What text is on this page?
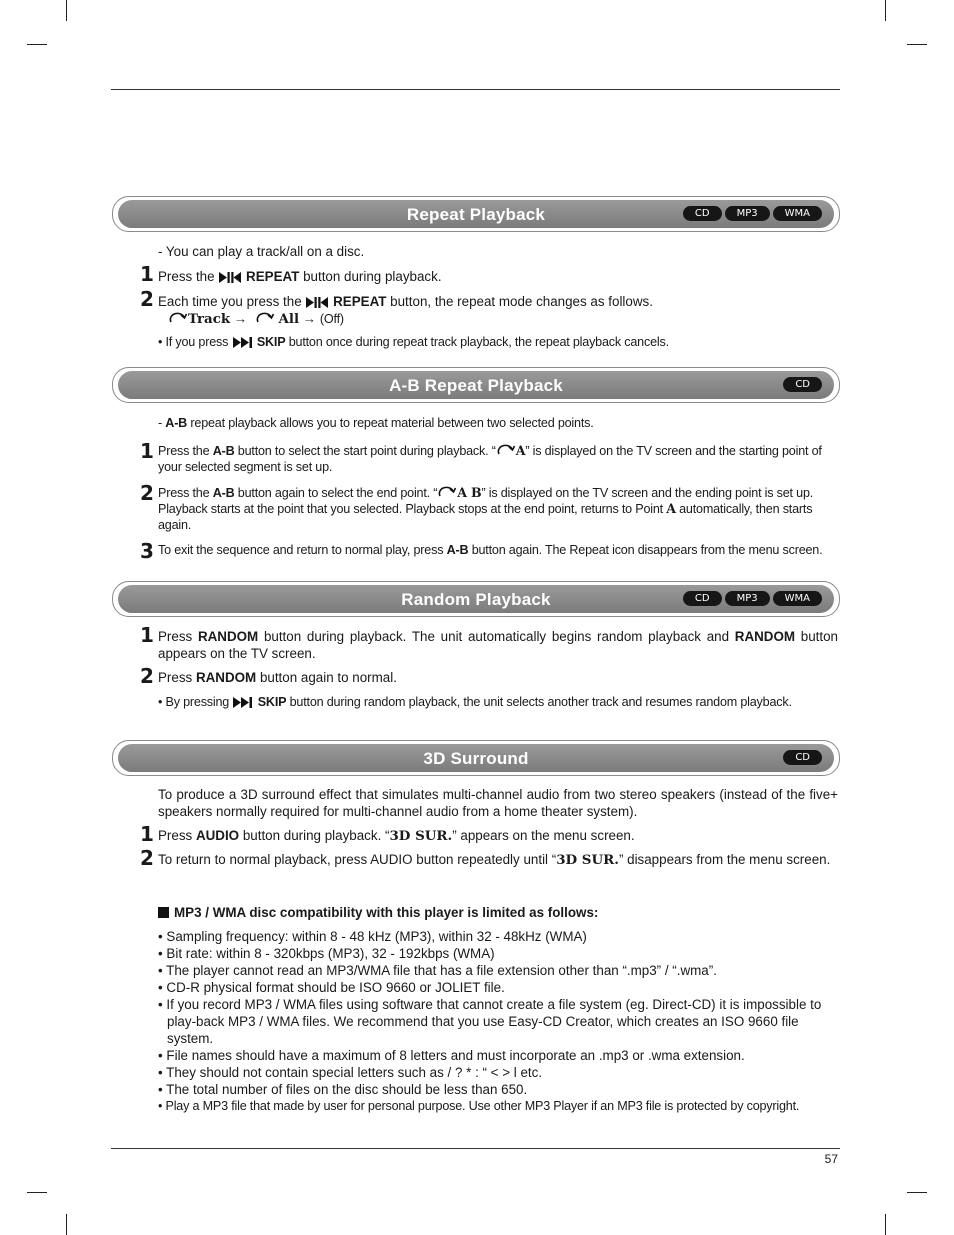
57
Repeat Playback	CD	MP3	WMA
- You can play a track/all on a disc.
1 Press the  REPEAT button during playback.
2 Each time you press the  REPEAT button, the repeat mode changes as follows.
Track → All → (Off)
• If you press  SKIP button once during repeat track playback, the repeat playback cancels.
A-B Repeat Playback	CD
- A-B repeat playback allows you to repeat material between two selected points.
1 Press the A-B button to select the start point during playback. “ A” is displayed on the TV screen and the starting point of your selected segment is set up.
2 Press the A-B button again to select the end point. “ A B” is displayed on the TV screen and the ending point is set up. Playback starts at the point that you selected. Playback stops at the end point, returns to Point A automatically, then starts again.
3 To exit the sequence and return to normal play, press A-B button again. The Repeat icon disappears from the menu screen.
Random Playback	CD	MP3	WMA
1 Press RANDOM button during playback. The unit automatically begins random playback and RANDOM button appears on the TV screen.
2 Press RANDOM button again to normal.
• By pressing  SKIP button during random playback, the unit selects another track and resumes random playback.
3D Surround	CD
To produce a 3D surround effect that simulates multi-channel audio from two stereo speakers (instead of the five+ speakers normally required for multi-channel audio from a home theater system).
1 Press AUDIO button during playback. “3D SUR.” appears on the menu screen.
2 To return to normal playback, press AUDIO button repeatedly until “3D SUR.” disappears from the menu screen.
MP3 / WMA disc compatibility with this player is limited as follows:
• Sampling frequency: within 8 - 48 kHz (MP3), within 32 - 48kHz (WMA)
• Bit rate: within 8 - 320kbps (MP3), 32 - 192kbps (WMA)
• The player cannot read an MP3/WMA file that has a file extension other than “.mp3” / “.wma”.
• CD-R physical format should be ISO 9660 or JOLIET file.
• If you record MP3 / WMA files using software that cannot create a file system (eg. Direct-CD) it is impossible to play-back MP3 / WMA files. We recommend that you use Easy-CD Creator, which creates an ISO 9660 file system.
• File names should have a maximum of 8 letters and must incorporate an .mp3 or .wma extension.
• They should not contain special letters such as / ? * : “ < > l etc.
• The total number of files on the disc should be less than 650.
• Play a MP3 file that made by user for personal purpose. Use other MP3 Player if an MP3 file is protected by copyright.
